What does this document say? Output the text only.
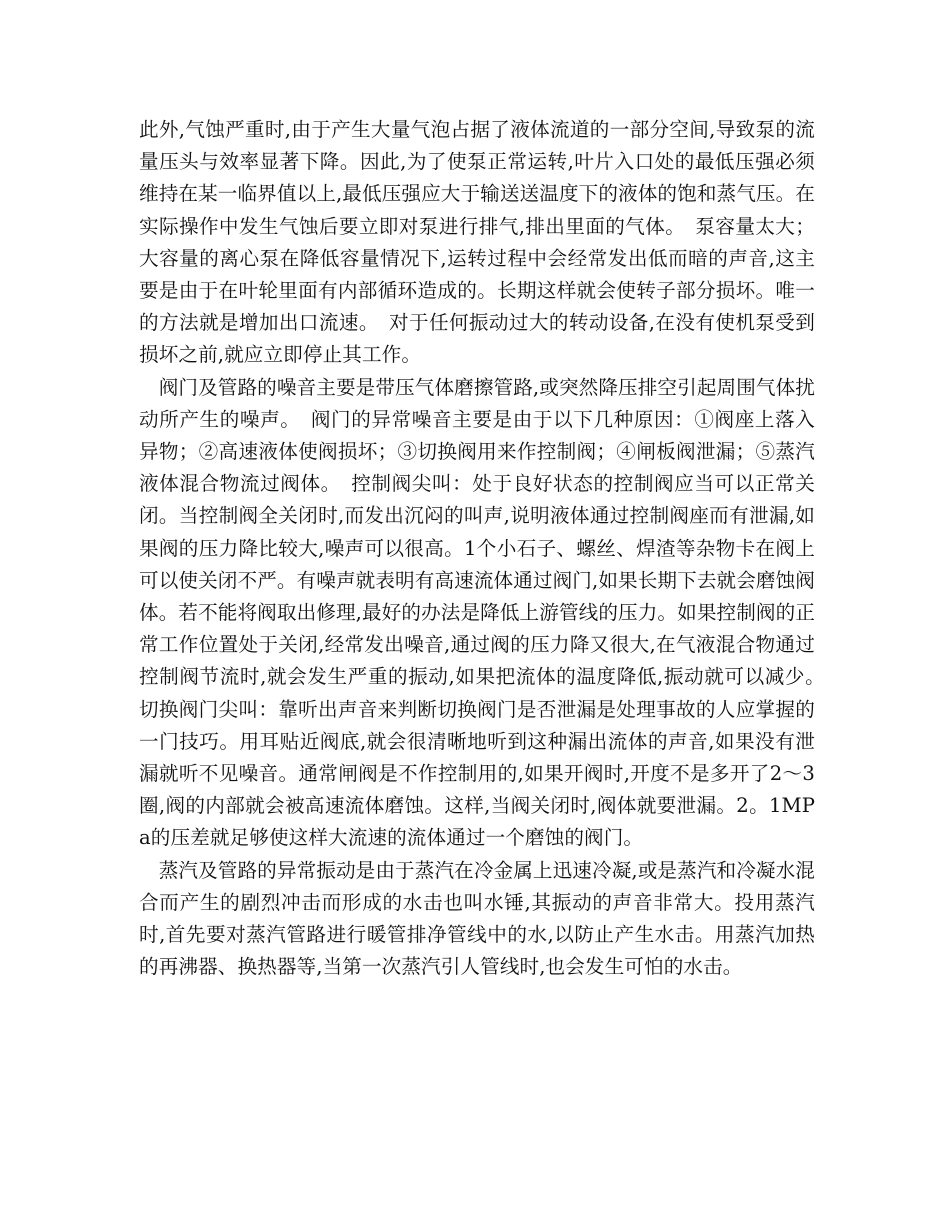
此外,气蚀严重时,由于产生大量气泡占据了液体流道的一部分空间,导致泵的流量压头与效率显著下降。因此,为了使泵正常运转,叶片入口处的最低压强必须维持在某一临界值以上,最低压强应大于输送送温度下的液体的饱和蒸气压。在实际操作中发生气蚀后要立即对泵进行排气,排出里面的气体。　泵容量太大；大容量的离心泵在降低容量情况下,运转过程中会经常发出低而暗的声音,这主要是由于在叶轮里面有内部循环造成的。长期这样就会使转子部分损坏。唯一的方法就是增加出口流速。　对于任何振动过大的转动设备,在没有使机泵受到损坏之前,就应立即停止其工作。

　阀门及管路的噪音主要是带压气体磨擦管路,或突然降压排空引起周围气体扰动所产生的噪声。　阀门的异常噪音主要是由于以下几种原因：①阀座上落入异物；②高速液体使阀损坏；③切换阀用来作控制阀；④闸板阀泄漏；⑤蒸汽液体混合物流过阀体。　控制阀尖叫：处于良好状态的控制阀应当可以正常关闭。当控制阀全关闭时,而发出沉闷的叫声,说明液体通过控制阀座而有泄漏,如果阀的压力降比较大,噪声可以很高。1个小石子、螺丝、焊渣等杂物卡在阀上可以使关闭不严。有噪声就表明有高速流体通过阀门,如果长期下去就会磨蚀阀体。若不能将阀取出修理,最好的办法是降低上游管线的压力。如果控制阀的正常工作位置处于关闭,经常发出噪音,通过阀的压力降又很大,在气液混合物通过控制阀节流时,就会发生严重的振动,如果把流体的温度降低,振动就可以减少。　切换阀门尖叫：靠听出声音来判断切换阀门是否泄漏是处理事故的人应掌握的一门技巧。用耳贴近阀底,就会很清晰地听到这种漏出流体的声音,如果没有泄漏就听不见噪音。通常闸阀是不作控制用的,如果开阀时,开度不是多开了2～3圈,阀的内部就会被高速流体磨蚀。这样,当阀关闭时,阀体就要泄漏。2。1MPa的压差就足够使这样大流速的流体通过一个磨蚀的阀门。

　蒸汽及管路的异常振动是由于蒸汽在冷金属上迅速冷凝,或是蒸汽和冷凝水混合而产生的剧烈冲击而形成的水击也叫水锤,其振动的声音非常大。投用蒸汽时,首先要对蒸汽管路进行暖管排净管线中的水,以防止产生水击。用蒸汽加热的再沸器、换热器等,当第一次蒸汽引人管线时,也会发生可怕的水击。
